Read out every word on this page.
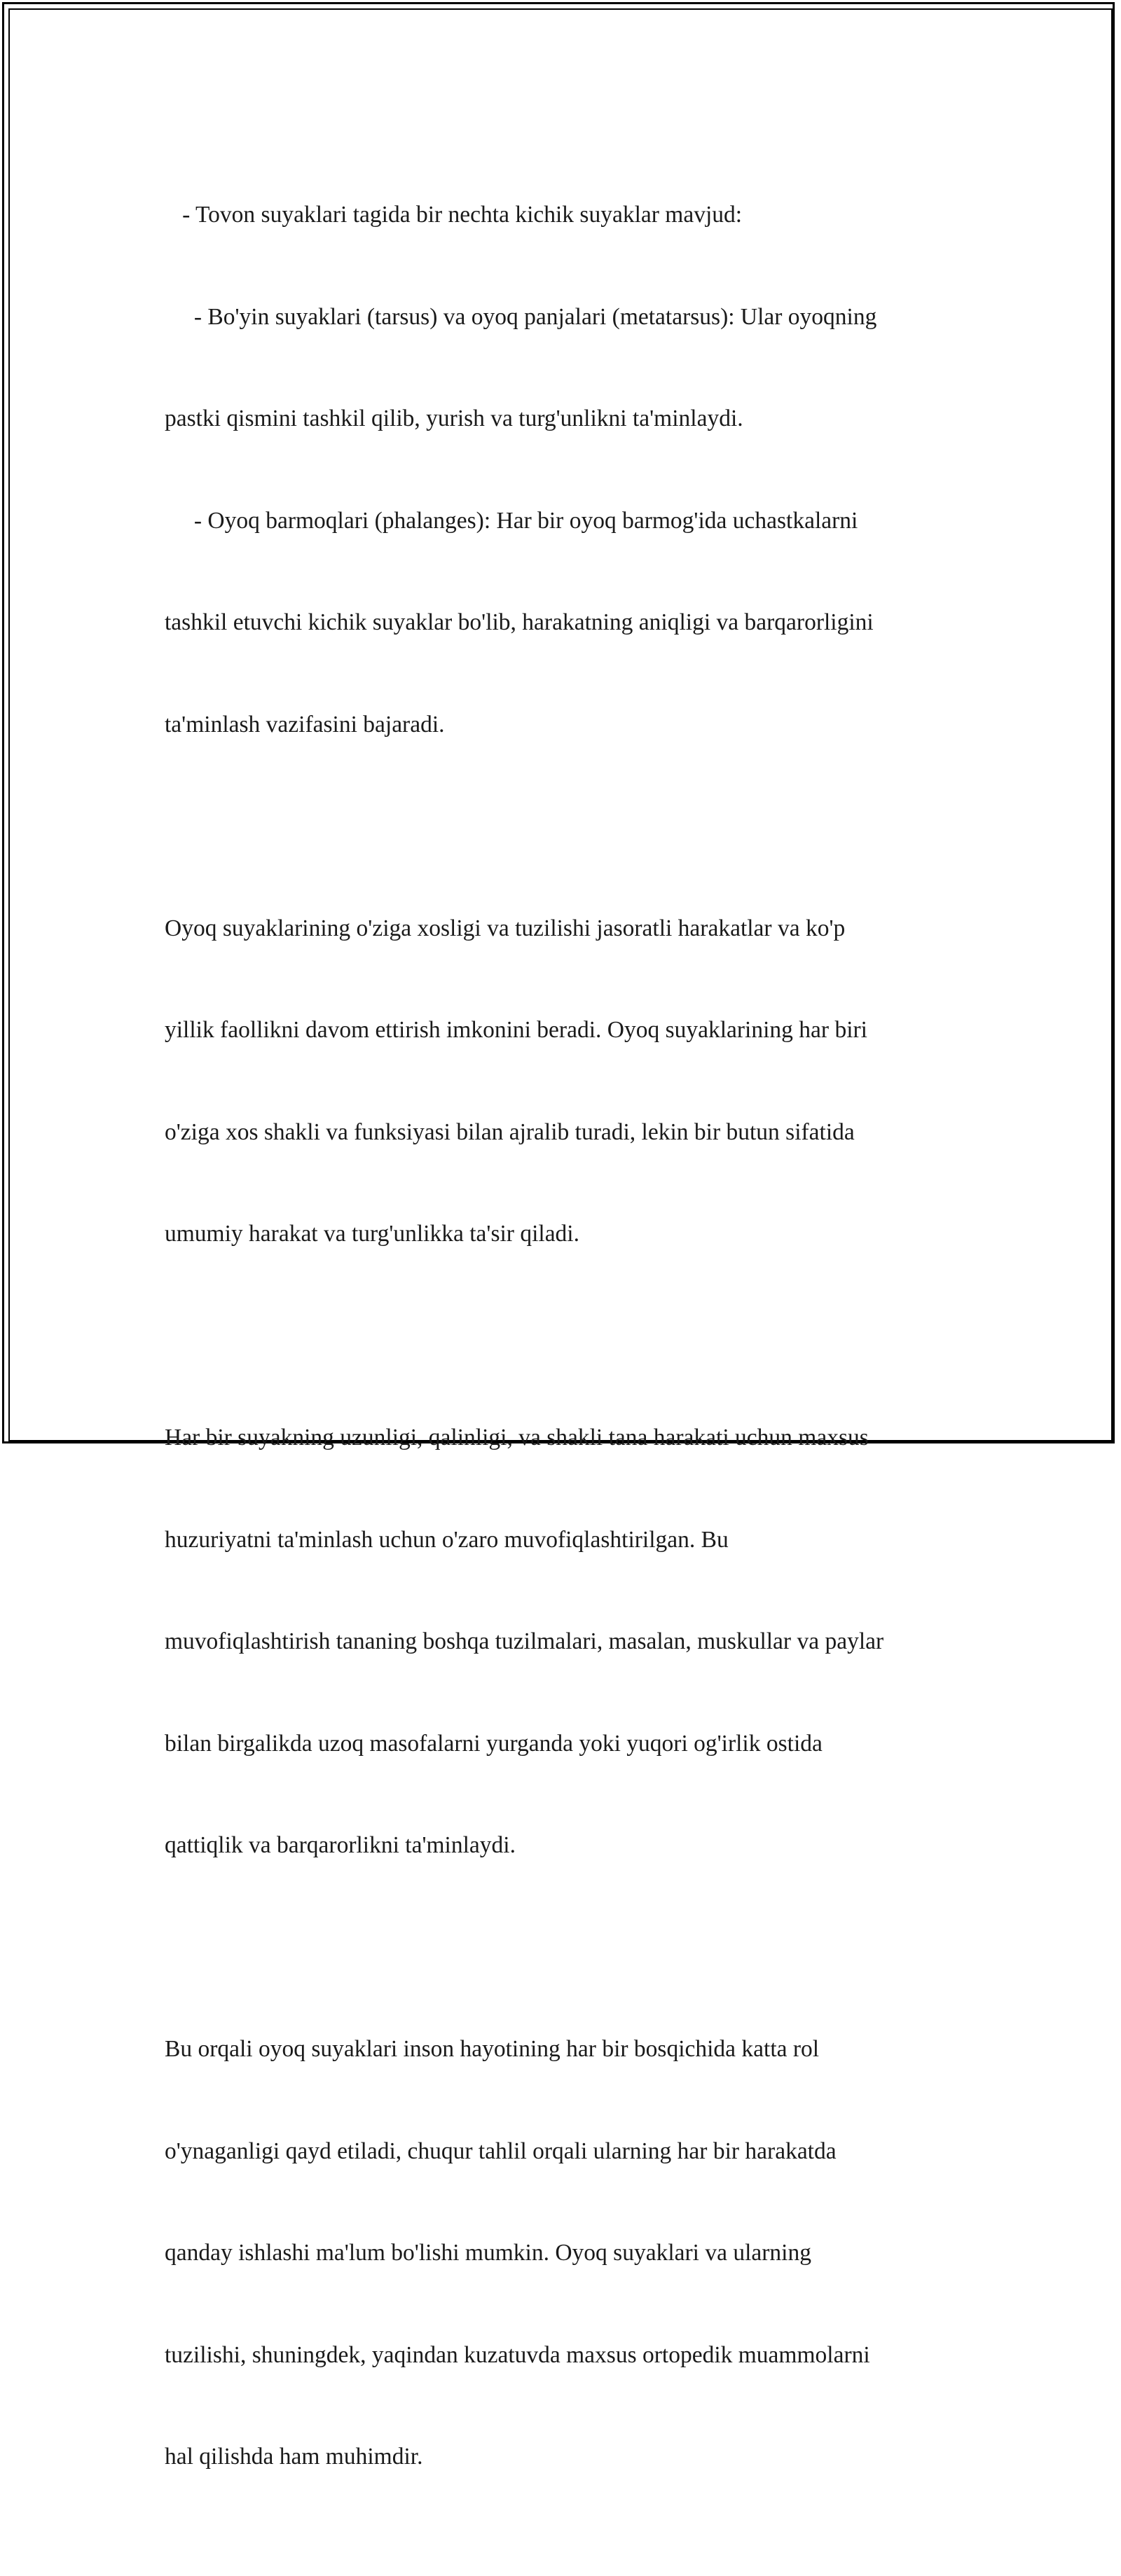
- Tovon suyaklari tagida bir nechta kichik suyaklar mavjud:

- Bo'yin suyaklari (tarsus) va oyoq panjalari (metatarsus): Ular oyoqning

pastki qismini tashkil qilib, yurish va turg'unlikni ta'minlaydi.

- Oyoq barmoqlari (phalanges): Har bir oyoq barmog'ida uchastkalarni

tashkil etuvchi kichik suyaklar bo'lib, harakatning aniqligi va barqarorligini

ta'minlash vazifasini bajaradi.

Oyoq suyaklarining o'ziga xosligi va tuzilishi jasoratli harakatlar va ko'p

yillik faollikni davom ettirish imkonini beradi. Oyoq suyaklarining har biri

o'ziga xos shakli va funksiyasi bilan ajralib turadi, lekin bir butun sifatida

umumiy harakat va turg'unlikka ta'sir qiladi.

Har bir suyakning uzunligi, qalinligi, va shakli tana harakati uchun maxsus

huzuriyatni ta'minlash uchun o'zaro muvofiqlashtirilgan. Bu

muvofiqlashtirish tananing boshqa tuzilmalari, masalan, muskullar va paylar

bilan birgalikda uzoq masofalarni yurganda yoki yuqori og'irlik ostida

qattiqlik va barqarorlikni ta'minlaydi.

Bu orqali oyoq suyaklari inson hayotining har bir bosqichida katta rol

o'ynaganligi qayd etiladi, chuqur tahlil orqali ularning har bir harakatda

qanday ishlashi ma'lum bo'lishi mumkin. Oyoq suyaklari va ularning

tuzilishi, shuningdek, yaqindan kuzatuvda maxsus ortopedik muammolarni

hal qilishda ham muhimdir.
